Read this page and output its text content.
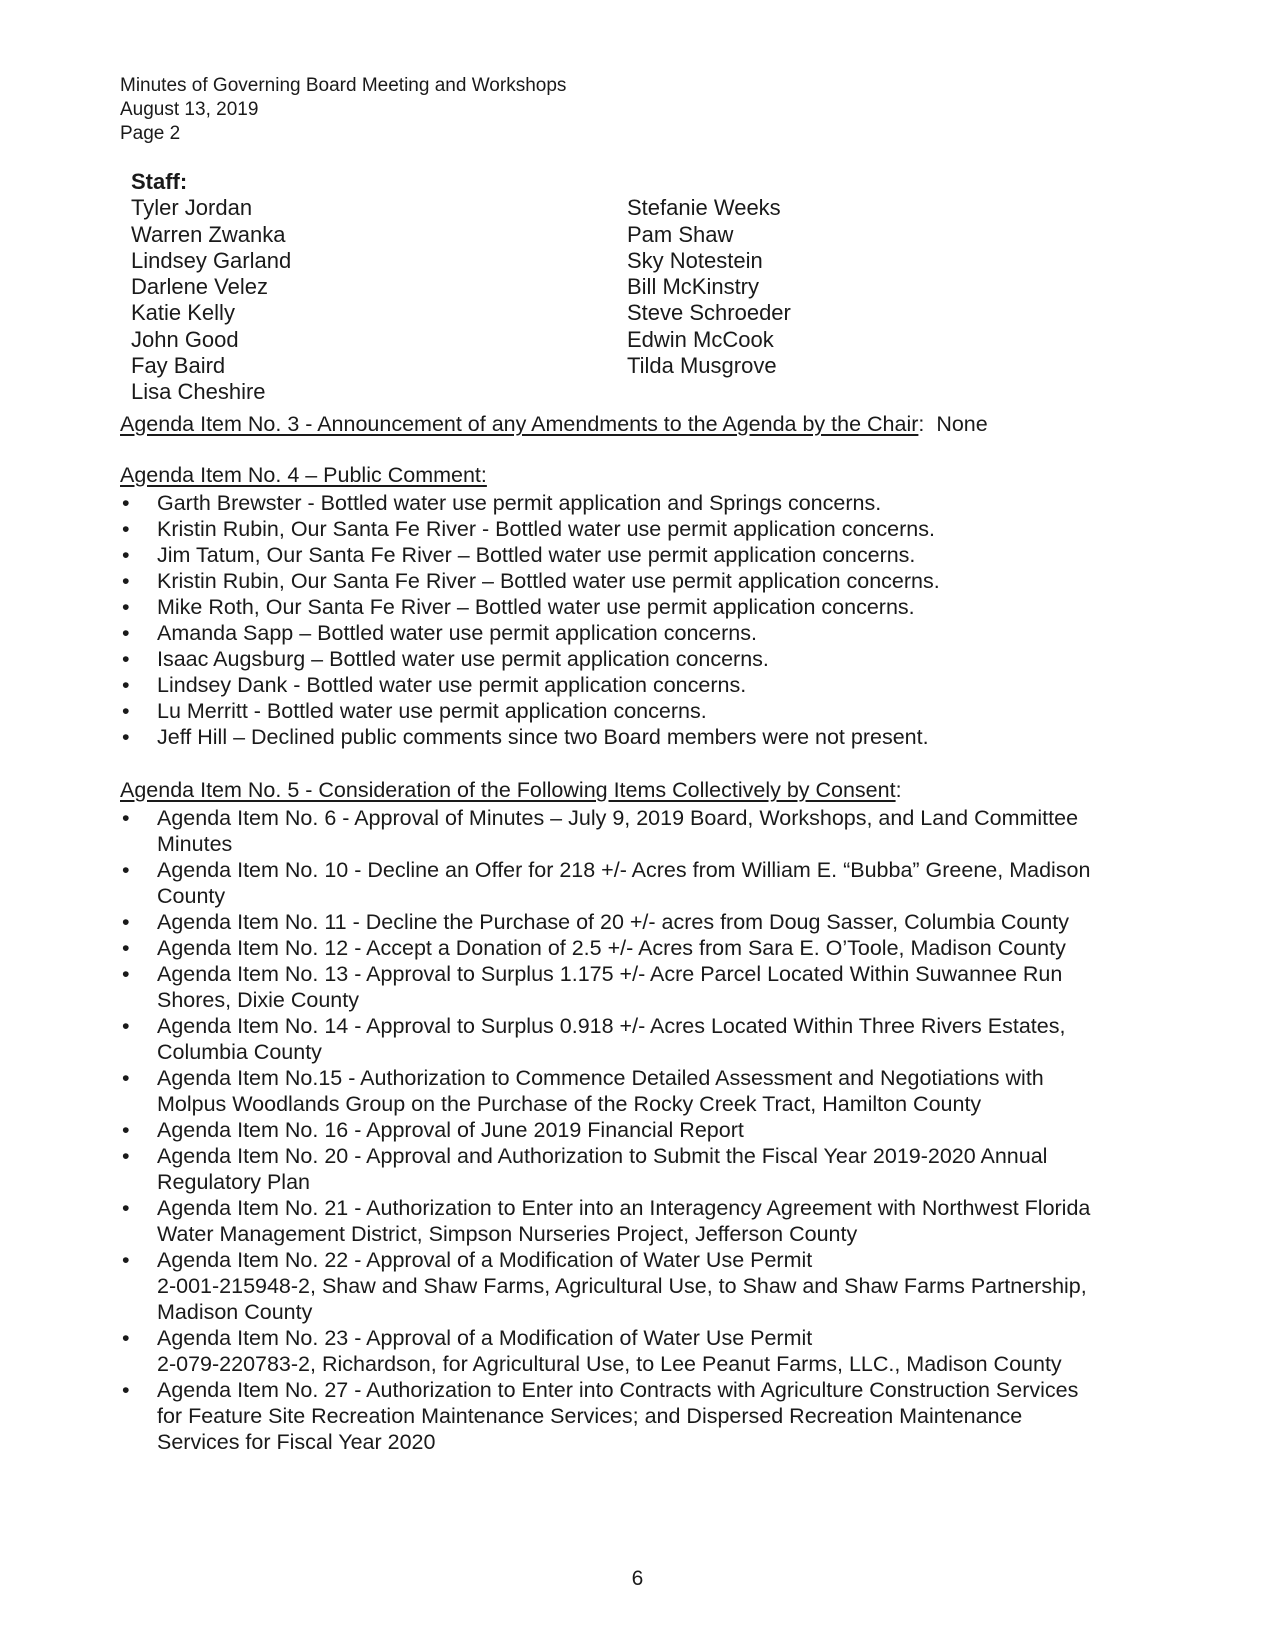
Minutes of Governing Board Meeting and Workshops
August 13, 2019
Page 2
Staff:
Tyler Jordan
Warren Zwanka
Lindsey Garland
Darlene Velez
Katie Kelly
John Good
Fay Baird
Lisa Cheshire
Stefanie Weeks
Pam Shaw
Sky Notestein
Bill McKinstry
Steve Schroeder
Edwin McCook
Tilda Musgrove
Agenda Item No. 3 - Announcement of any Amendments to the Agenda by the Chair:  None
Agenda Item No. 4 – Public Comment:
• Garth Brewster - Bottled water use permit application and Springs concerns.
• Kristin Rubin, Our Santa Fe River - Bottled water use permit application concerns.
• Jim Tatum, Our Santa Fe River – Bottled water use permit application concerns.
• Kristin Rubin, Our Santa Fe River – Bottled water use permit application concerns.
• Mike Roth, Our Santa Fe River – Bottled water use permit application concerns.
• Amanda Sapp – Bottled water use permit application concerns.
• Isaac Augsburg – Bottled water use permit application concerns.
• Lindsey Dank - Bottled water use permit application concerns.
• Lu Merritt - Bottled water use permit application concerns.
• Jeff Hill – Declined public comments since two Board members were not present.
Agenda Item No. 5 - Consideration of the Following Items Collectively by Consent:
• Agenda Item No. 6 - Approval of Minutes – July 9, 2019 Board, Workshops, and Land Committee
Minutes
• Agenda Item No. 10 - Decline an Offer for 218 +/- Acres from William E. “Bubba” Greene, Madison
County
• Agenda Item No. 11 - Decline the Purchase of 20 +/- acres from Doug Sasser, Columbia County
• Agenda Item No. 12 - Accept a Donation of 2.5 +/- Acres from Sara E. O’Toole, Madison County
• Agenda Item No. 13 - Approval to Surplus 1.175 +/- Acre Parcel Located Within Suwannee Run
Shores, Dixie County
• Agenda Item No. 14 - Approval to Surplus 0.918 +/- Acres Located Within Three Rivers Estates,
Columbia County
• Agenda Item No.15 - Authorization to Commence Detailed Assessment and Negotiations with
Molpus Woodlands Group on the Purchase of the Rocky Creek Tract, Hamilton County
• Agenda Item No. 16 - Approval of June 2019 Financial Report
• Agenda Item No. 20 - Approval and Authorization to Submit the Fiscal Year 2019-2020 Annual
Regulatory Plan
• Agenda Item No. 21 - Authorization to Enter into an Interagency Agreement with Northwest Florida
Water Management District, Simpson Nurseries Project, Jefferson County
• Agenda Item No. 22 - Approval of a Modification of Water Use Permit
2-001-215948-2, Shaw and Shaw Farms, Agricultural Use, to Shaw and Shaw Farms Partnership,
Madison County
• Agenda Item No. 23 - Approval of a Modification of Water Use Permit
2-079-220783-2, Richardson, for Agricultural Use, to Lee Peanut Farms, LLC., Madison County
• Agenda Item No. 27 - Authorization to Enter into Contracts with Agriculture Construction Services
for Feature Site Recreation Maintenance Services; and Dispersed Recreation Maintenance
Services for Fiscal Year 2020
6
